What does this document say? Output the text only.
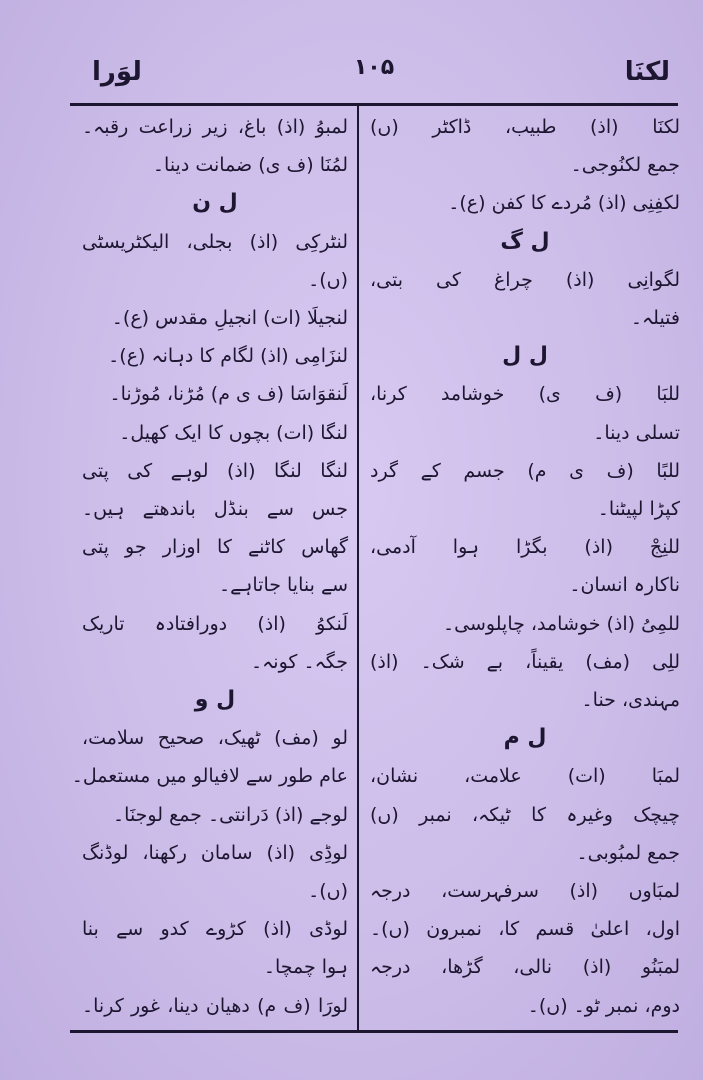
لوَرا	١٠۵	لکنَا
لکنَا (اذ) طبیب، ڈاکٹر (ں)
جمع لکنُوجی۔
لکفِنِی (اذ) مُردے کا کفن (ع)۔
ل گ
لگوانِی (اذ) چراغ کی بتی،
فتیلہ۔
ل ل
للبَا (ف ی) خوشامد کرنا،
تسلی دینا۔
للبًا (ف ی م) جسم کے گرد
کپڑا لپیٹنا۔
للنِجْ (اذ) بگڑا ہوا آدمی،
ناکارہ انسان۔
للمِیُ (اذ) خوشامد، چاپلوسی۔
للِی (مف) یقیناً، بے شک۔ (اذ)
مہندی، حنا۔
ل م
لمبَا (ات) علامت، نشان،
چیچک وغیرہ کا ٹیکہ، نمبر (ں)
جمع لمبُوبی۔
لمبَاوں (اذ) سرفہرست، درجہ
اول، اعلیٰ قسم کا، نمبرون (ں)۔
لمبَنُو (اذ) نالی، گڑھا، درجہ
دوم، نمبر ٹو۔ (ں)۔
لمبوُ (اذ) باغ، زیر زراعت رقبہ۔
لمُنَا (ف ی) ضمانت دینا۔
ل ن
لنٹرکِی (اذ) بجلی، الیکٹریسٹی
(ں)۔
لنجیلَا (ات) انجیلِ مقدس (ع)۔
لنزَامِی (اذ) لگام کا دہانہ (ع)۔
لَنقوَاسَا (ف ی م) مُڑنا، مُوڑنا۔
لنگا (ات) بچوں کا ایک کھیل۔
لنگا لنگا (اذ) لوہے کی پتی
جس سے بنڈل باندھتے ہیں۔
گھاس کاٹنے کا اوزار جو پتی
سے بنایا جاتاہے۔
لَنکوُ (اذ) دورافتادہ تاریک
جگہ۔ کونہ۔
ل و
لو (مف) ٹھیک، صحیح سلامت،
عام طور سے لافیالو میں مستعمل۔
لوجے (اذ) دَرانتی۔ جمع لوجنَا۔
لوڈِی (اذ) سامان رکھنا، لوڈنگ
(ں)۔
لوڈی (اذ) کڑوے کدو سے بنا
ہوا چمچا۔
لورَا (ف م) دھیان دینا، غور کرنا۔
